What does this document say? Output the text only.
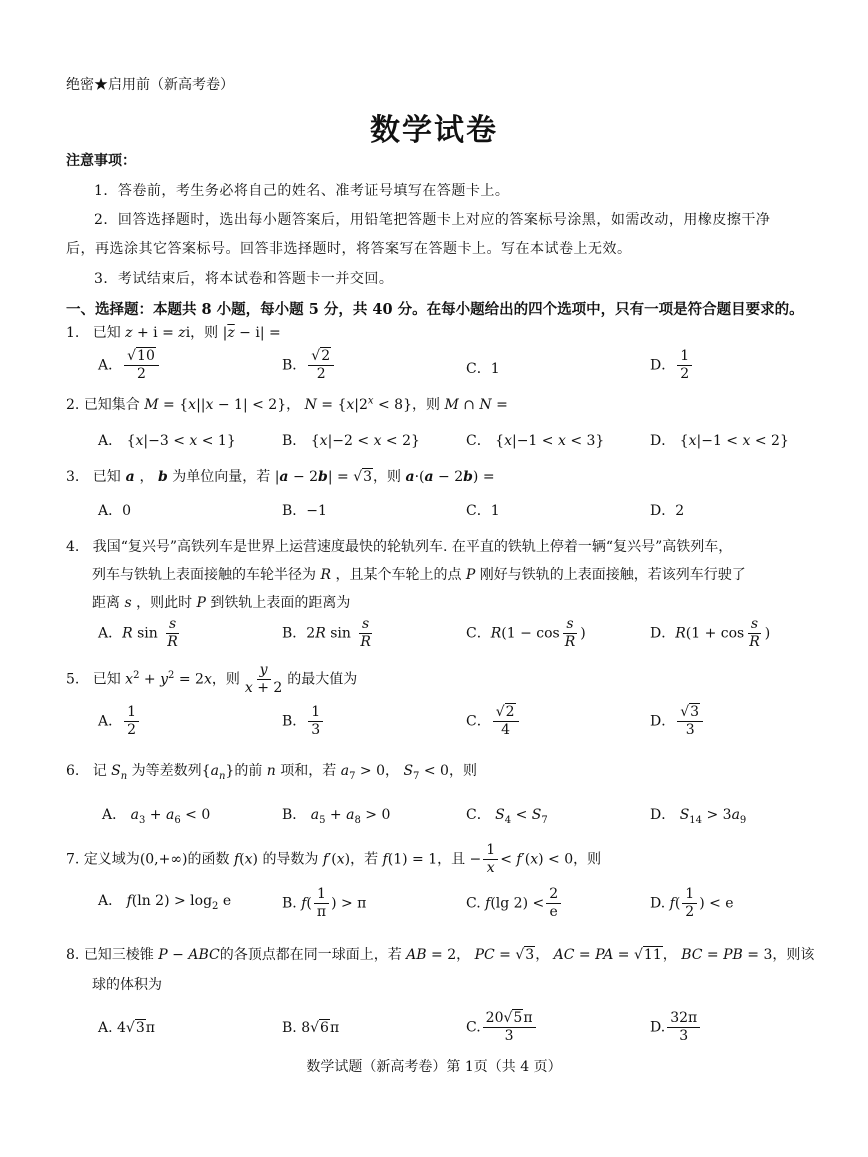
绝密★启用前（新高考卷）
数学试卷
注意事项：
1．答卷前，考生务必将自己的姓名、准考证号填写在答题卡上。
2．回答选择题时，选出每小题答案后，用铅笔把答题卡上对应的答案标号涂黑，如需改动，用橡皮擦干净
后，再选涂其它答案标号。回答非选择题时，将答案写在答题卡上。写在本试卷上无效。
3．考试结束后，将本试卷和答题卡一并交回。
一、选择题：本题共 8 小题，每小题 5 分，共 40 分。在每小题给出的四个选项中，只有一项是符合题目要求的。
1. 已知 z + i = zi，则 $|\overline{z} - i|$ =
A． $\frac{√10}{2}$	B． $\frac{√2}{2}$	C．1	D． $\frac{1}{2}$
2. 已知集合 M = {x||x − 1| < 2}， $N = \{x|2^x < 8\}$，则 M ∩ N =
A． {x|−3 < x < 1}	B． {x|−2 < x < 2}	C． {x|−1 < x < 3}	D． {x|−1 < x < 2}
3. 已知 a ， b 为单位向量，若 |a − 2b| = √3，则 a·(a − 2b) =
A．0	B．−1	C．1	D．2
4. 我国“复兴号”高铁列车是世界上运营速度最快的轮轨列车. 在平直的铁轨上停着一辆“复兴号”高铁列车，
列车与铁轨上表面接触的车轮半径为 R ，且某个车轮上的点 P 刚好与铁轨的上表面接触，若该列车行驶了
距离 s ，则此时 P 到铁轨上表面的距离为
A．R $\sin \frac{s}{R}$	B．2R $\sin \frac{s}{R}$	C．$R(1 - \cos \frac{s}{R}$ )	D．$R(1 + \cos \frac{s}{R}$ )
5. 已知 $x^2 + y^2 = 2x$，则 $\frac{y}{x + 2}$ 的最大值为
A． $\frac{1}{2}$	B． $\frac{1}{3}$	C． $\frac{√2}{4}$	D． $\frac{√3}{3}$
6. 记 $S_n$ 为等差数列$\{a_n\}$的前 n 项和，若 $a_7 > 0$， $S_7 < 0$，则
A． $a_3 + a_6 < 0$	B． $a_5 + a_8 > 0$	C． $S_4 < S_7$	D． $S_{14} > 3a_9$
7. 定义域为(0,+∞)的函数 f(x) 的导数为 f′(x)，若 f(1) = 1，且 − $\frac{1}{x} < f'(x) < 0$，则
A． f(ln $2) > \log_2 e$	B. $f( \frac{1}{\pi}$ ) > π	C. f(lg $2) < \frac{2}{e}$	D. $f( \frac{1}{2}$ ) < e
8. 已知三棱锥 P − ABC的各顶点都在同一球面上，若 AB = 2， PC = √3， AC = PA = √11， BC = PB = 3，则该
球的体积为
A. 4√3π	B. 8√6π	C. $\frac{20√5\pi}{3}$	D. $\frac{32\pi}{3}$
数学试题（新高考卷）第 1页（共 4 页）
